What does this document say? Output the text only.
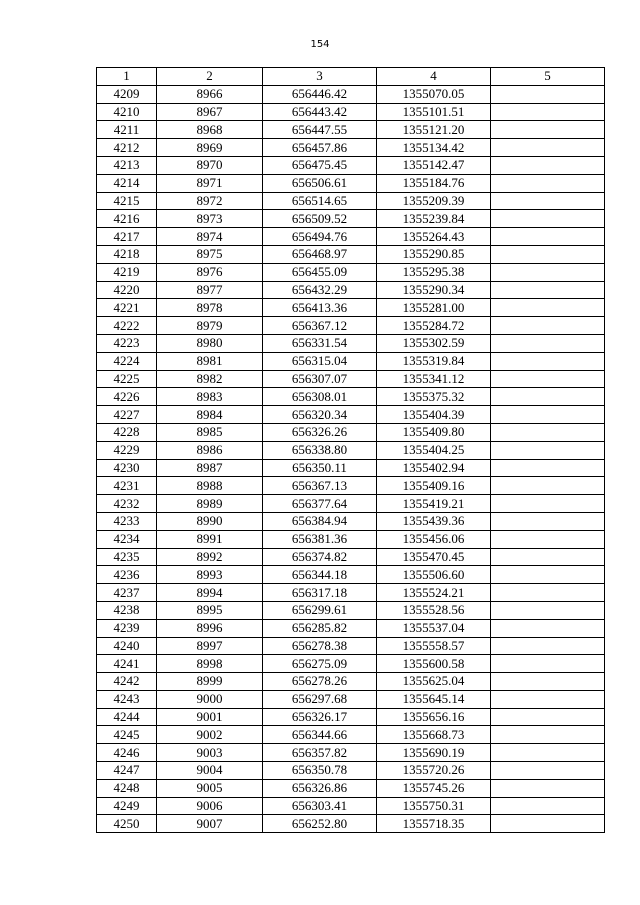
154
1	2	3	4	5
4209	8966	656446.42	1355070.05	
4210	8967	656443.42	1355101.51	
4211	8968	656447.55	1355121.20	
4212	8969	656457.86	1355134.42	
4213	8970	656475.45	1355142.47	
4214	8971	656506.61	1355184.76	
4215	8972	656514.65	1355209.39	
4216	8973	656509.52	1355239.84	
4217	8974	656494.76	1355264.43	
4218	8975	656468.97	1355290.85	
4219	8976	656455.09	1355295.38	
4220	8977	656432.29	1355290.34	
4221	8978	656413.36	1355281.00	
4222	8979	656367.12	1355284.72	
4223	8980	656331.54	1355302.59	
4224	8981	656315.04	1355319.84	
4225	8982	656307.07	1355341.12	
4226	8983	656308.01	1355375.32	
4227	8984	656320.34	1355404.39	
4228	8985	656326.26	1355409.80	
4229	8986	656338.80	1355404.25	
4230	8987	656350.11	1355402.94	
4231	8988	656367.13	1355409.16	
4232	8989	656377.64	1355419.21	
4233	8990	656384.94	1355439.36	
4234	8991	656381.36	1355456.06	
4235	8992	656374.82	1355470.45	
4236	8993	656344.18	1355506.60	
4237	8994	656317.18	1355524.21	
4238	8995	656299.61	1355528.56	
4239	8996	656285.82	1355537.04	
4240	8997	656278.38	1355558.57	
4241	8998	656275.09	1355600.58	
4242	8999	656278.26	1355625.04	
4243	9000	656297.68	1355645.14	
4244	9001	656326.17	1355656.16	
4245	9002	656344.66	1355668.73	
4246	9003	656357.82	1355690.19	
4247	9004	656350.78	1355720.26	
4248	9005	656326.86	1355745.26	
4249	9006	656303.41	1355750.31	
4250	9007	656252.80	1355718.35	
